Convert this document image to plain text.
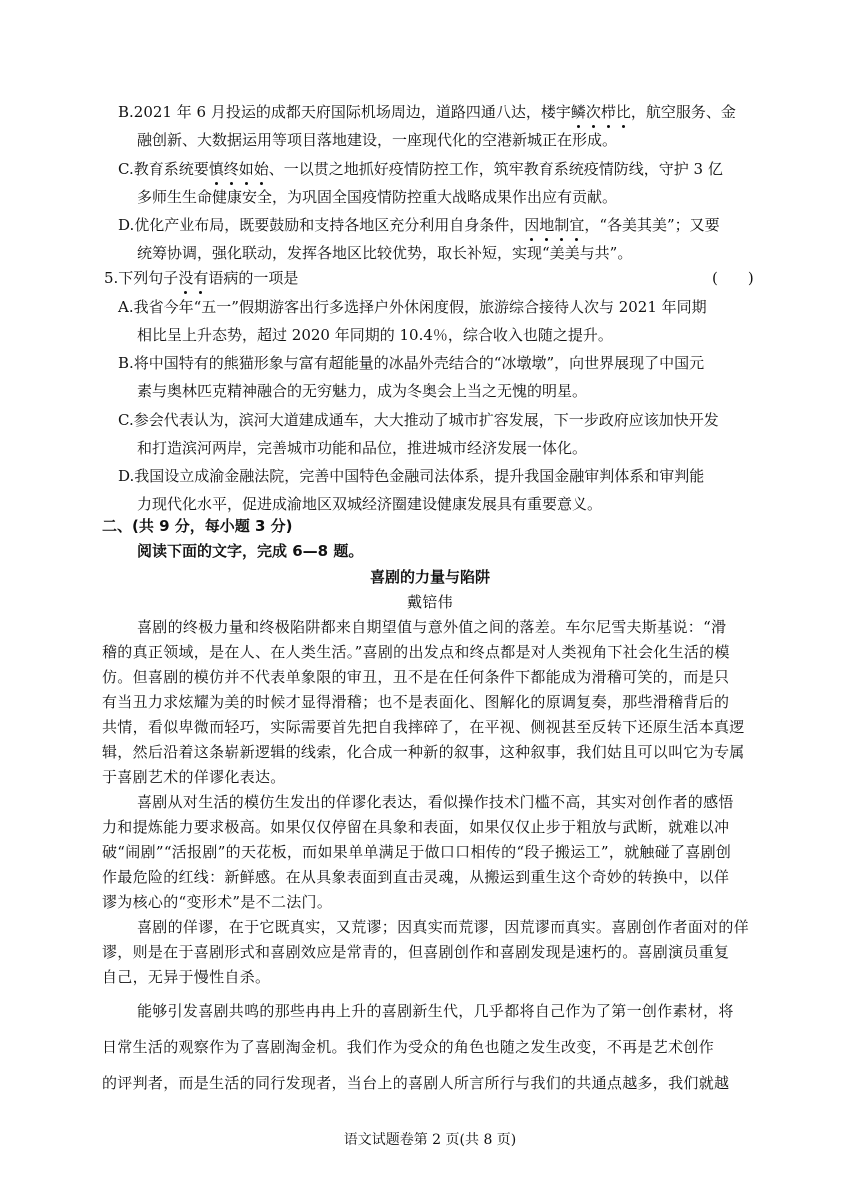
B.2021 年 6 月投运的成都天府国际机场周边，道路四通八达，楼宇鳞次栉比，航空服务、金
融创新、大数据运用等项目落地建设，一座现代化的空港新城正在形成。
C.教育系统要慎终如始、一以贯之地抓好疫情防控工作，筑牢教育系统疫情防线，守护 3 亿
多师生生命健康安全，为巩固全国疫情防控重大战略成果作出应有贡献。
D.优化产业布局，既要鼓励和支持各地区充分利用自身条件，因地制宜，“各美其美”；又要
统筹协调，强化联动，发挥各地区比较优势，取长补短，实现“美美与共”。
5.下列句子没有语病的一项是	(　　)
A.我省今年“五一”假期游客出行多选择户外休闲度假，旅游综合接待人次与 2021 年同期
相比呈上升态势，超过 2020 年同期的 10.4％，综合收入也随之提升。
B.将中国特有的熊猫形象与富有超能量的冰晶外壳结合的“冰墩墩”，向世界展现了中国元
素与奥林匹克精神融合的无穷魅力，成为冬奥会上当之无愧的明星。
C.参会代表认为，滨河大道建成通车，大大推动了城市扩容发展，下一步政府应该加快开发
和打造滨河两岸，完善城市功能和品位，推进城市经济发展一体化。
D.我国设立成渝金融法院，完善中国特色金融司法体系，提升我国金融审判体系和审判能
力现代化水平，促进成渝地区双城经济圈建设健康发展具有重要意义。
二、(共 9 分，每小题 3 分)
阅读下面的文字，完成 6—8 题。
喜剧的力量与陷阱
戴锫伟
喜剧的终极力量和终极陷阱都来自期望值与意外值之间的落差。车尔尼雪夫斯基说：“滑
稽的真正领域，是在人、在人类生活。”喜剧的出发点和终点都是对人类视角下社会化生活的模
仿。但喜剧的模仿并不代表单象限的审丑，丑不是在任何条件下都能成为滑稽可笑的，而是只
有当丑力求炫耀为美的时候才显得滑稽；也不是表面化、图解化的原调复奏，那些滑稽背后的
共情，看似卑微而轻巧，实际需要首先把自我摔碎了，在平视、侧视甚至反转下还原生活本真逻
辑，然后沿着这条崭新逻辑的线索，化合成一种新的叙事，这种叙事，我们姑且可以叫它为专属
于喜剧艺术的佯谬化表达。
喜剧从对生活的模仿生发出的佯谬化表达，看似操作技术门槛不高，其实对创作者的感悟
力和提炼能力要求极高。如果仅仅停留在具象和表面，如果仅仅止步于粗放与武断，就难以冲
破“闹剧”“活报剧”的天花板，而如果单单满足于做口口相传的“段子搬运工”，就触碰了喜剧创
作最危险的红线：新鲜感。在从具象表面到直击灵魂，从搬运到重生这个奇妙的转换中，以佯
谬为核心的“变形术”是不二法门。
喜剧的佯谬，在于它既真实，又荒谬；因真实而荒谬，因荒谬而真实。喜剧创作者面对的佯
谬，则是在于喜剧形式和喜剧效应是常青的，但喜剧创作和喜剧发现是速朽的。喜剧演员重复
自己，无异于慢性自杀。
能够引发喜剧共鸣的那些冉冉上升的喜剧新生代，几乎都将自己作为了第一创作素材，将
日常生活的观察作为了喜剧淘金机。我们作为受众的角色也随之发生改变，不再是艺术创作
的评判者，而是生活的同行发现者，当台上的喜剧人所言所行与我们的共通点越多，我们就越
语文试题卷第 2 页(共 8 页)
